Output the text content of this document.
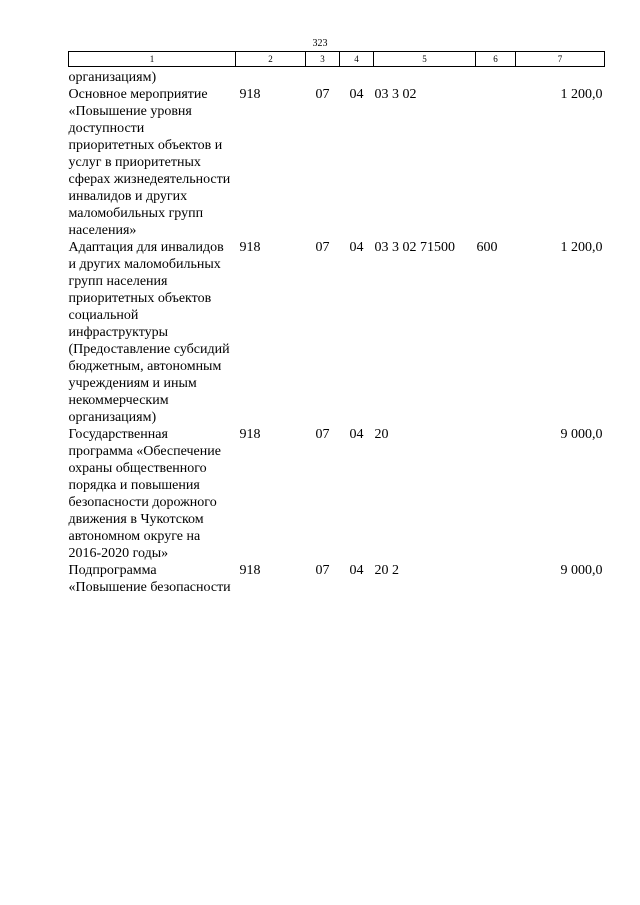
323
1	2	3	4	5	6	7

организациям)						
Основное мероприятие «Повышение уровня доступности приоритетных объектов и услуг в приоритетных сферах жизнедеятельности инвалидов и других маломобильных групп населения»	918	07	04	03 3 02		1 200,0
Адаптация для инвалидов и других маломобильных групп населения приоритетных объектов социальной инфраструктуры (Предоставление субсидий бюджетным, автономным учреждениям и иным некоммерческим организациям)	918	07	04	03 3 02 71500	600	1 200,0
Государственная программа «Обеспечение охраны общественного порядка и повышения безопасности дорожного движения в Чукотском автономном округе на 2016-2020 годы»	918	07	04	20		9 000,0
Подпрограмма «Повышение безопасности	918	07	04	20 2		9 000,0
